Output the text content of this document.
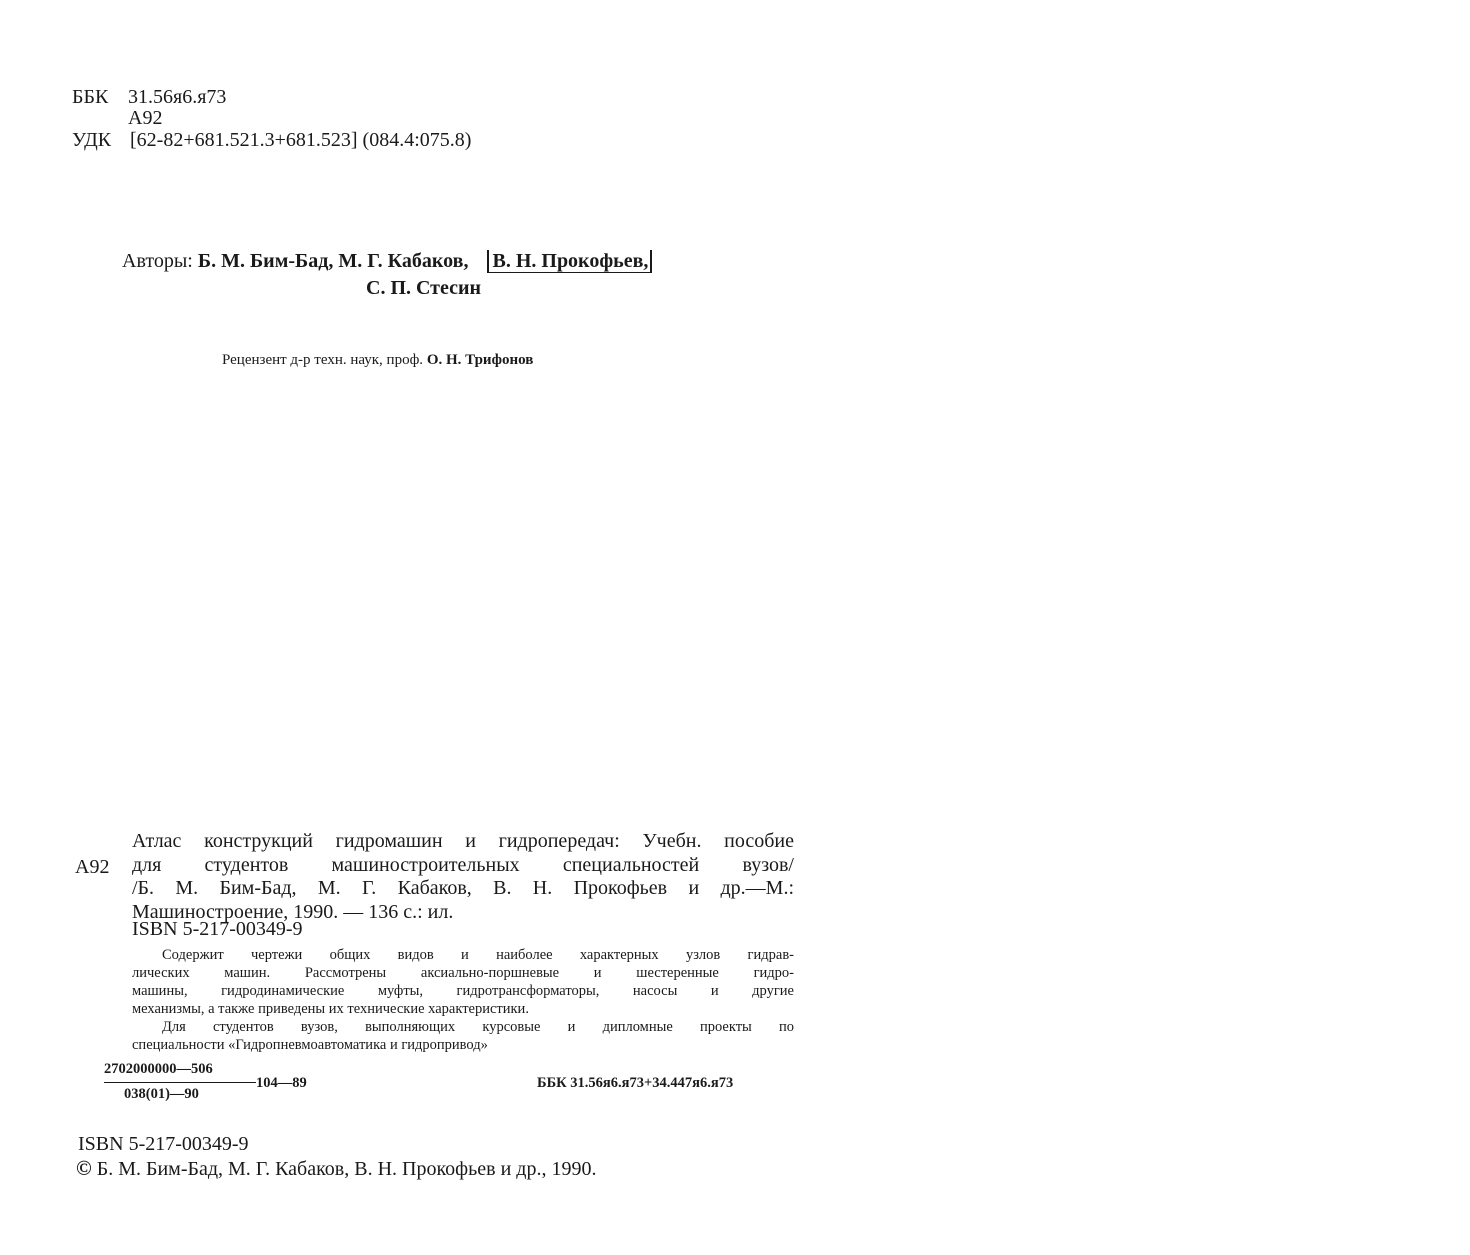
ББК 31.56я6.я73
А92
УДК [62-82+681.521.3+681.523] (084.4:075.8)
Авторы: Б. М. Бим-Бад, М. Г. Кабаков, В. Н. Прокофьев,
С. П. Стесин
Рецензент д-р техн. наук, проф. О. Н. Трифонов
А92
Атлас конструкций гидромашин и гидропередач: Учебн. пособие
для студентов машиностроительных специальностей вузов/
/Б. М. Бим-Бад, М. Г. Кабаков, В. Н. Прокофьев и др.—М.:
Машиностроение, 1990. — 136 с.: ил.
ISBN 5-217-00349-9
Содержит чертежи общих видов и наиболее характерных узлов гидрав-
лических машин. Рассмотрены аксиально-поршневые и шестеренные гидро-
машины, гидродинамические муфты, гидротрансформаторы, насосы и другие
механизмы, а также приведены их технические характеристики.
Для студентов вузов, выполняющих курсовые и дипломные проекты по
специальности «Гидропневмоавтоматика и гидропривод»
2702000000—506
038(01)—90
104—89	ББК 31.56я6.я73+34.447я6.я73
ISBN 5-217-00349-9
© Б. М. Бим-Бад, М. Г. Кабаков, В. Н. Прокофьев и др., 1990.
